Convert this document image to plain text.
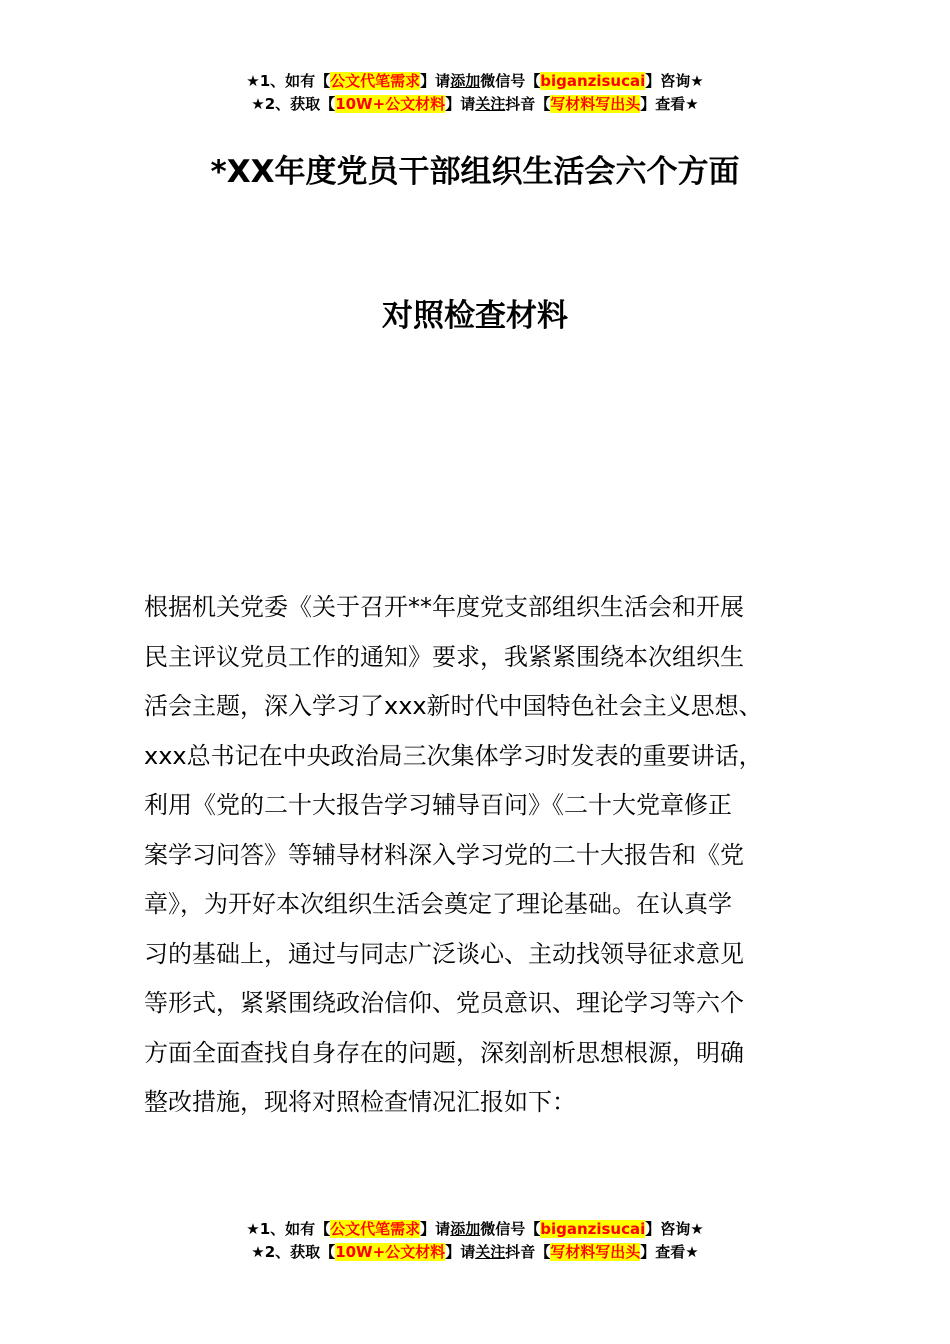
★1、如有【公文代笔需求】请添加微信号【biganzisucai】咨询★
★2、获取【10W+公文材料】请关注抖音【写材料写出头】查看★
*XX年度党员干部组织生活会六个方面
对照检查材料
根据机关党委《关于召开**年度党支部组织生活会和开展
民主评议党员工作的通知》要求，我紧紧围绕本次组织生
活会主题，深入学习了xxx新时代中国特色社会主义思想、
xxx总书记在中央政治局三次集体学习时发表的重要讲话，
利用《党的二十大报告学习辅导百问》《二十大党章修正
案学习问答》等辅导材料深入学习党的二十大报告和《党
章》，为开好本次组织生活会奠定了理论基础。在认真学
习的基础上，通过与同志广泛谈心、主动找领导征求意见
等形式，紧紧围绕政治信仰、党员意识、理论学习等六个
方面全面查找自身存在的问题，深刻剖析思想根源，明确
整改措施，现将对照检查情况汇报如下：
★1、如有【公文代笔需求】请添加微信号【biganzisucai】咨询★
★2、获取【10W+公文材料】请关注抖音【写材料写出头】查看★
